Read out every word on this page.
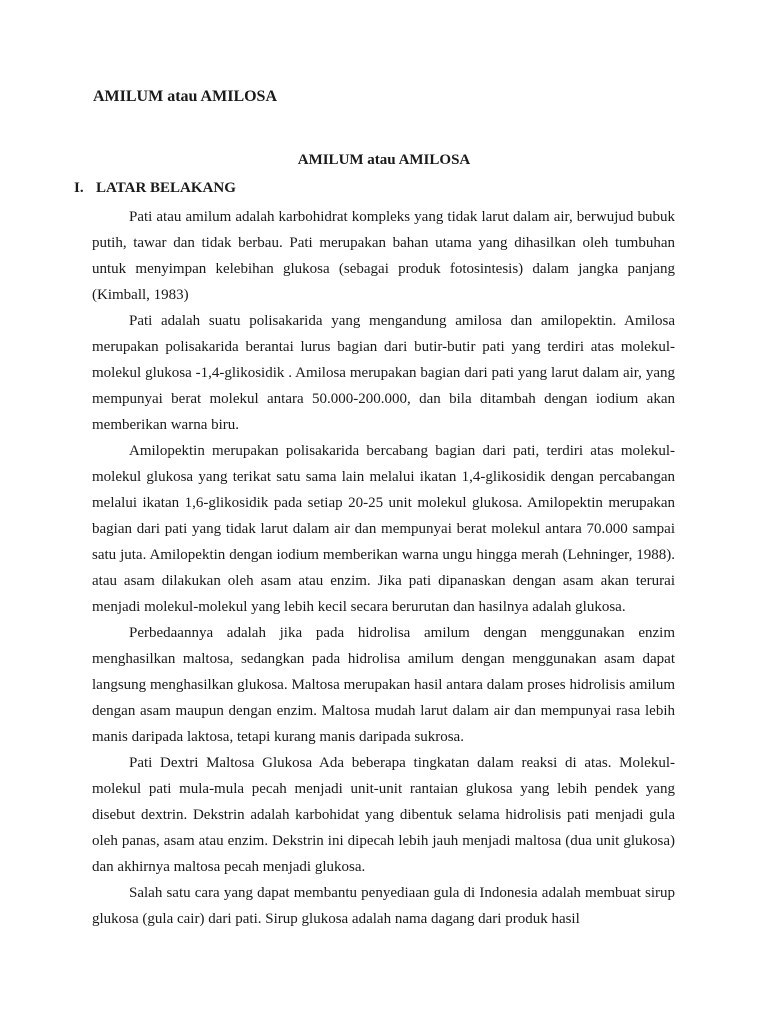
AMILUM atau AMILOSA
AMILUM atau AMILOSA
I. LATAR BELAKANG

Pati atau amilum adalah karbohidrat kompleks yang tidak larut dalam air, berwujud bubuk putih, tawar dan tidak berbau. Pati merupakan bahan utama yang dihasilkan oleh tumbuhan untuk menyimpan kelebihan glukosa (sebagai produk fotosintesis) dalam jangka panjang (Kimball, 1983)

Pati adalah suatu polisakarida yang mengandung amilosa dan amilopektin. Amilosa merupakan polisakarida berantai lurus bagian dari butir-butir pati yang terdiri atas molekul-molekul glukosa -1,4-glikosidik . Amilosa merupakan bagian dari pati yang larut dalam air, yang mempunyai berat molekul antara 50.000-200.000, dan bila ditambah dengan iodium akan memberikan warna biru.

Amilopektin merupakan polisakarida bercabang bagian dari pati, terdiri atas molekul-molekul glukosa yang terikat satu sama lain melalui ikatan 1,4-glikosidik dengan percabangan melalui ikatan 1,6-glikosidik pada setiap 20-25 unit molekul glukosa. Amilopektin merupakan bagian dari pati yang tidak larut dalam air dan mempunyai berat molekul antara 70.000 sampai satu juta. Amilopektin dengan iodium memberikan warna ungu hingga merah (Lehninger, 1988). atau asam dilakukan oleh asam atau enzim. Jika pati dipanaskan dengan asam akan terurai menjadi molekul-molekul yang lebih kecil secara berurutan dan hasilnya adalah glukosa.

Perbedaannya adalah jika pada hidrolisa amilum dengan menggunakan enzim menghasilkan maltosa, sedangkan pada hidrolisa amilum dengan menggunakan asam dapat langsung menghasilkan glukosa. Maltosa merupakan hasil antara dalam proses hidrolisis amilum dengan asam maupun dengan enzim. Maltosa mudah larut dalam air dan mempunyai rasa lebih manis daripada laktosa, tetapi kurang manis daripada sukrosa.

Pati Dextri Maltosa Glukosa Ada beberapa tingkatan dalam reaksi di atas. Molekul-molekul pati mula-mula pecah menjadi unit-unit rantaian glukosa yang lebih pendek yang disebut dextrin. Dekstrin adalah karbohidat yang dibentuk selama hidrolisis pati menjadi gula oleh panas, asam atau enzim. Dekstrin ini dipecah lebih jauh menjadi maltosa (dua unit glukosa) dan akhirnya maltosa pecah menjadi glukosa.

Salah satu cara yang dapat membantu penyediaan gula di Indonesia adalah membuat sirup glukosa (gula cair) dari pati. Sirup glukosa adalah nama dagang dari produk hasil
